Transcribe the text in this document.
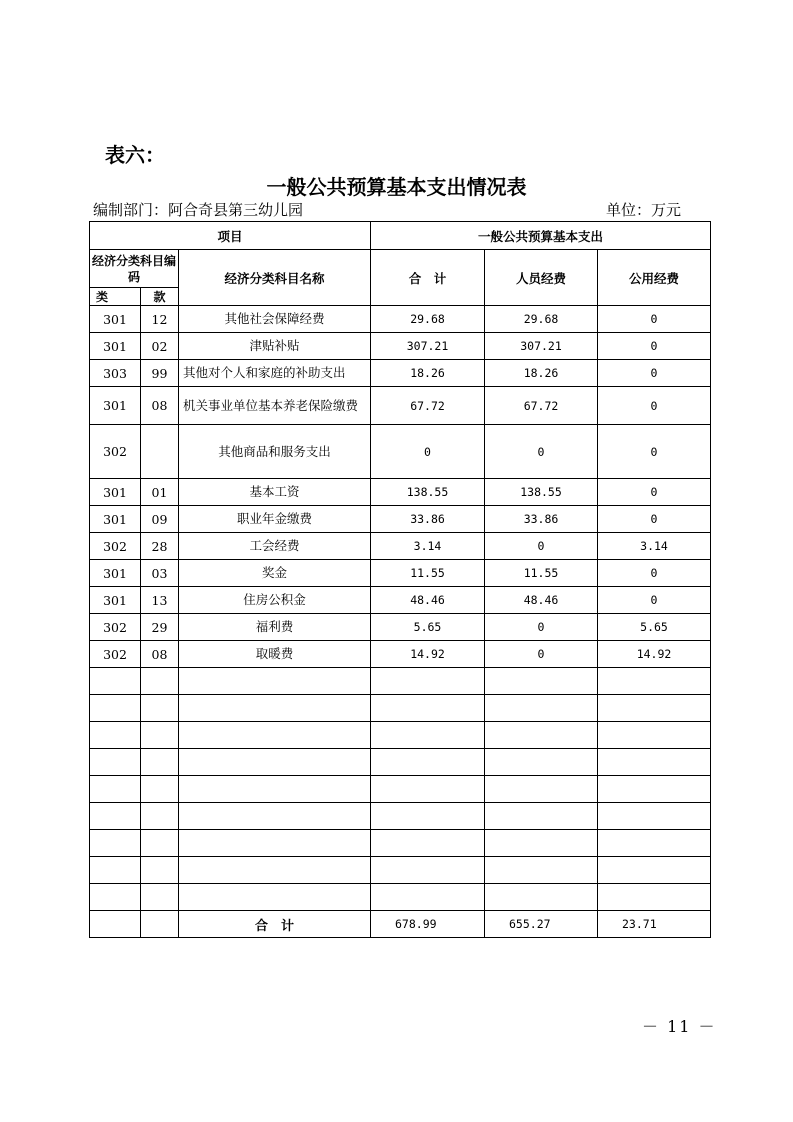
表六：
一般公共预算基本支出情况表
编制部门：阿合奇县第三幼儿园	单位：万元
项目			一般公共预算基本支出		
经济分类科目编码		经济分类科目名称	合　计	人员经费	公用经费
类	款				
301	12	其他社会保障经费	29.68	29.68	0
301	02	津贴补贴	307.21	307.21	0
303	99	其他对个人和家庭的补助支出	18.26	18.26	0
301	08	机关事业单位基本养老保险缴费	67.72	67.72	0
302		其他商品和服务支出	0	0	0
301	01	基本工资	138.55	138.55	0
301	09	职业年金缴费	33.86	33.86	0
302	28	工会经费	3.14	0	3.14
301	03	奖金	11.55	11.55	0
301	13	住房公积金	48.46	48.46	0
302	29	福利费	5.65	0	5.65
302	08	取暖费	14.92	0	14.92

		合　计	678.99	655.27	23.71
－ 11 －
